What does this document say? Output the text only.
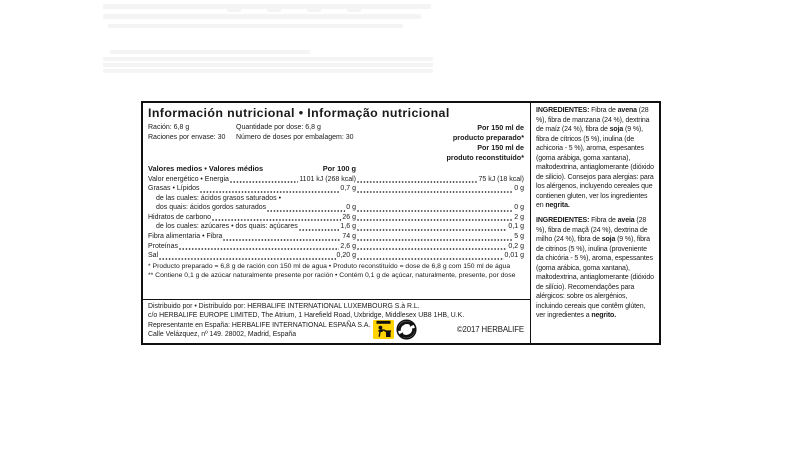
Información nutricional • Informação nutricional
Ración: 6,8 g	Quantidade por dose: 6,8 g
Raciones por envase: 30	Número de doses por embalagem: 30
Por 150 ml de
producto preparado*
Por 150 ml de
produto reconstituído*
Valores medios • Valores médios	Por 100 g
Valor energético • Energia	1101 kJ (268 kcal)	75 kJ (18 kcal)
Grasas • Lípidos	0,7 g	0 g
de las cuales: ácidos grasos saturados •
dos quais: ácidos gordos saturados	0 g	0 g
Hidratos de carbono	26 g	2 g
de los cuales: azúcares • dos quais: açúcares	1,6 g	0,1 g
Fibra alimentaria • Fibra	74 g	5 g
Proteínas	2,6 g	0,2 g
Sal	0,20 g	0,01 g
* Producto preparado = 6,8 g de ración con 150 ml de agua • Produto reconstituído = dose de 6,8 g com 150 ml de água
** Contiene 0,1 g de azúcar naturalmente presente por ración • Contém 0,1 g de açúcar, naturalmente, presente, por dose
Distribuido por • Distribuído por: HERBALIFE INTERNATIONAL LUXEMBOURG S.à R.L.
c/o HERBALIFE EUROPE LIMITED, The Atrium, 1 Harefield Road, Uxbridge, Middlesex UB8 1HB, U.K.
Representante en España: HERBALIFE INTERNATIONAL ESPAÑA S.A.
Calle Velázquez, nº 149. 28002, Madrid, España
©2017 HERBALIFE

INGREDIENTES: Fibra de avena (28 %), fibra de manzana (24 %), dextrina de maíz (24 %), fibra de soja (9 %), fibra de cítricos (5 %), inulina (de achicoria - 5 %), aroma, espesantes (goma arábiga, goma xantana), maltodextrina, antiaglomerante (dióxido de silicio). Consejos para alergias: para los alérgenos, incluyendo cereales que contienen gluten, ver los ingredientes en negrita.

INGREDIENTES: Fibra de aveia (28 %), fibra de maçã (24 %), dextrina de milho (24 %), fibra de soja (9 %), fibra de citrinos (5 %), inulina (proveniente da chicória - 5 %), aroma, espessantes (goma arábica, goma xantana), maltodextrina, antiaglomerante (dióxido de silício). Recomendações para alérgicos: sobre os alergénios, incluindo cereais que contêm glúten, ver ingredientes a negrito.
